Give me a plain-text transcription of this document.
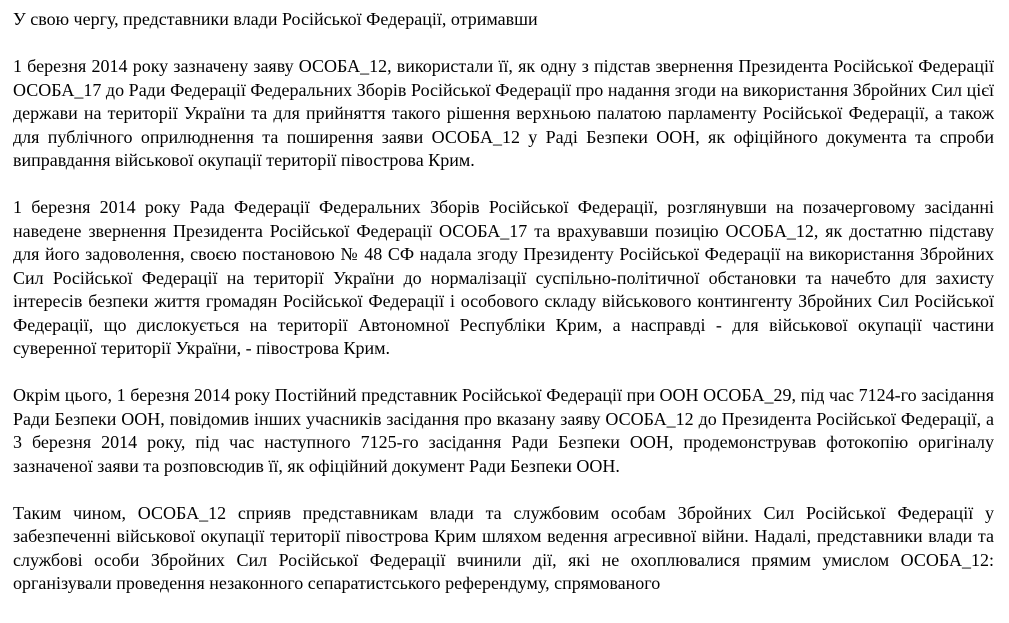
У свою чергу, представники влади Російської Федерації, отримавши

1 березня 2014 року зазначену заяву ОСОБА_12, використали її, як одну з підстав звернення Президента Російської Федерації ОСОБА_17 до Ради Федерації Федеральних Зборів Російської Федерації про надання згоди на використання Збройних Сил цієї держави на території України та для прийняття такого рішення верхньою палатою парламенту Російської Федерації, а також для публічного оприлюднення та поширення заяви ОСОБА_12 у Раді Безпеки ООН, як офіційного документа та спроби виправдання військової окупації території півострова Крим.

1 березня 2014 року Рада Федерації Федеральних Зборів Російської Федерації, розглянувши на позачерговому засіданні наведене звернення Президента Російської Федерації ОСОБА_17 та врахувавши позицію ОСОБА_12, як достатню підставу для його задоволення, своєю постановою № 48 СФ надала згоду Президенту Російської Федерації на використання Збройних Сил Російської Федерації на території України до нормалізації суспільно-політичної обстановки та начебто для захисту інтересів безпеки життя громадян Російської Федерації і особового складу військового контингенту Збройних Сил Російської Федерації, що дислокується на території Автономної Республіки Крим, а насправді - для військової окупації частини суверенної території України, - півострова Крим.

Окрім цього, 1 березня 2014 року Постійний представник Російської Федерації при ООН ОСОБА_29, під час 7124-го засідання Ради Безпеки ООН, повідомив інших учасників засідання про вказану заяву ОСОБА_12 до Президента Російської Федерації, а 3 березня 2014 року, під час наступного 7125-го засідання Ради Безпеки ООН, продемонстрував фотокопію оригіналу зазначеної заяви та розповсюдив її, як офіційний документ Ради Безпеки ООН.

Таким чином, ОСОБА_12 сприяв представникам влади та службовим особам Збройних Сил Російської Федерації у забезпеченні військової окупації території півострова Крим шляхом ведення агресивної війни. Надалі, представники влади та службові особи Збройних Сил Російської Федерації вчинили дії, які не охоплювалися прямим умислом ОСОБА_12: організували проведення незаконного сепаратистського референдуму, спрямованого
